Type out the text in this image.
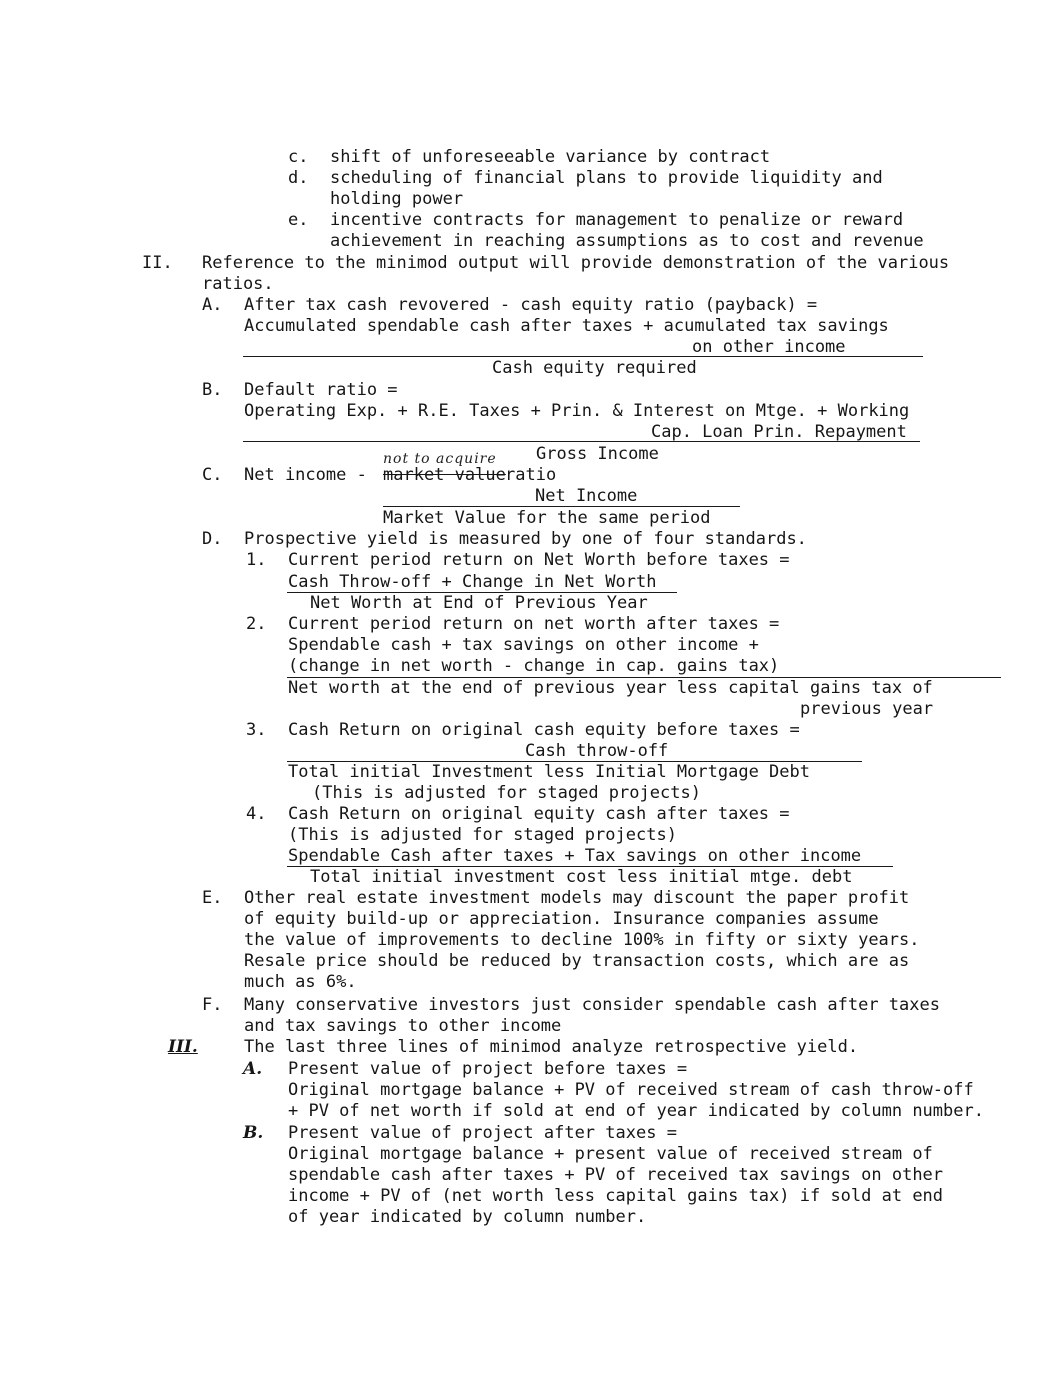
c. shift of unforeseeable variance by contract
d. scheduling of financial plans to provide liquidity and
holding power
e. incentive contracts for management to penalize or reward
achievement in reaching assumptions as to cost and revenue
II. Reference to the minimod output will provide demonstration of the various
ratios.
A. After tax cash revovered - cash equity ratio (payback) =
Accumulated spendable cash after taxes + acumulated tax savings
on other income
Cash equity required
B. Default ratio =
Operating Exp. + R.E. Taxes + Prin. & Interest on Mtge. + Working
Cap. Loan Prin. Repayment
Gross Income
C. Net income -
not to acquire
market value ratio
Net Income
Market Value for the same period
D. Prospective yield is measured by one of four standards.
1. Current period return on Net Worth before taxes =
Cash Throw-off + Change in Net Worth
Net Worth at End of Previous Year
2. Current period return on net worth after taxes =
Spendable cash + tax savings on other income +
(change in net worth - change in cap. gains tax)
Net worth at the end of previous year less capital gains tax of
previous year
3. Cash Return on original cash equity before taxes =
Cash throw-off
Total initial Investment less Initial Mortgage Debt
(This is adjusted for staged projects)
4. Cash Return on original equity cash after taxes =
(This is adjusted for staged projects)
Spendable Cash after taxes + Tax savings on other income
Total initial investment cost less initial mtge. debt
E. Other real estate investment models may discount the paper profit
of equity build-up or appreciation. Insurance companies assume
the value of improvements to decline 100% in fifty or sixty years.
Resale price should be reduced by transaction costs, which are as
much as 6%.
F. Many conservative investors just consider spendable cash after taxes
and tax savings to other income
III.	The last three lines of minimod analyze retrospective yield.
A. Present value of project before taxes =
Original mortgage balance + PV of received stream of cash throw-off
+ PV of net worth if sold at end of year indicated by column number.
B. Present value of project after taxes =
Original mortgage balance + present value of received stream of
spendable cash after taxes + PV of received tax savings on other
income + PV of (net worth less capital gains tax) if sold at end
of year indicated by column number.
